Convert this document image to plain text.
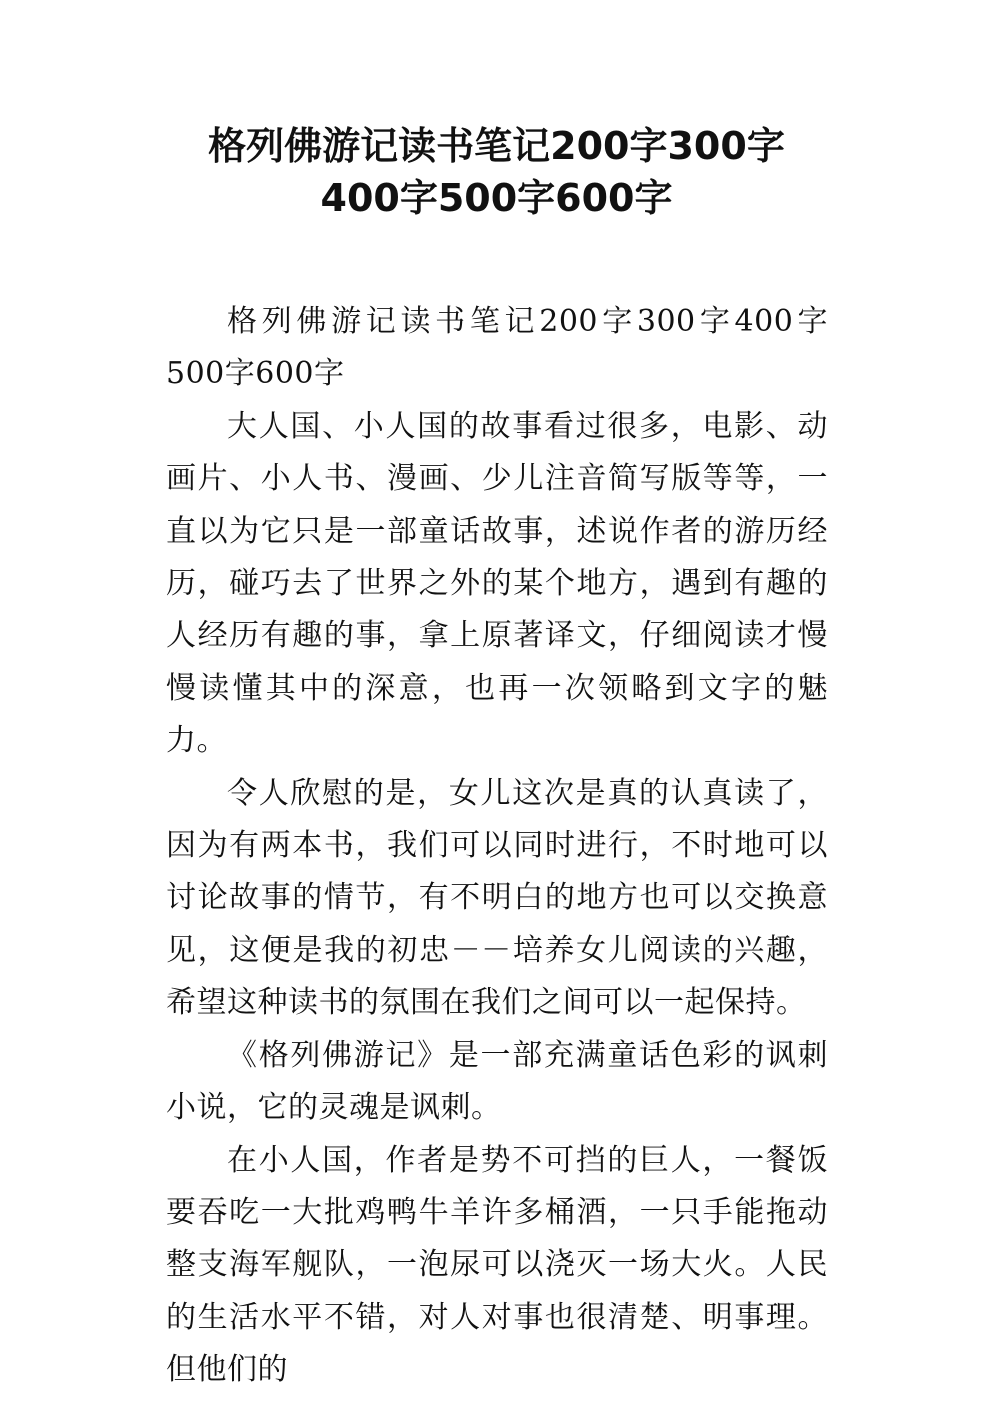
格列佛游记读书笔记200字300字
400字500字600字

格列佛游记读书笔记200字300字400字500字600字

大人国、小人国的故事看过很多，电影、动画片、小人书、漫画、少儿注音简写版等等，一直以为它只是一部童话故事，述说作者的游历经历，碰巧去了世界之外的某个地方，遇到有趣的人经历有趣的事，拿上原著译文，仔细阅读才慢慢读懂其中的深意，也再一次领略到文字的魅力。

令人欣慰的是，女儿这次是真的认真读了，因为有两本书，我们可以同时进行，不时地可以讨论故事的情节，有不明白的地方也可以交换意见，这便是我的初忠－－培养女儿阅读的兴趣，希望这种读书的氛围在我们之间可以一起保持。

《格列佛游记》是一部充满童话色彩的讽刺小说，它的灵魂是讽刺。

在小人国，作者是势不可挡的巨人，一餐饭要吞吃一大批鸡鸭牛羊许多桶酒，一只手能拖动整支海军舰队，一泡尿可以浇灭一场大火。人民的生活水平不错，对人对事也很清楚、明事理。但他们的
